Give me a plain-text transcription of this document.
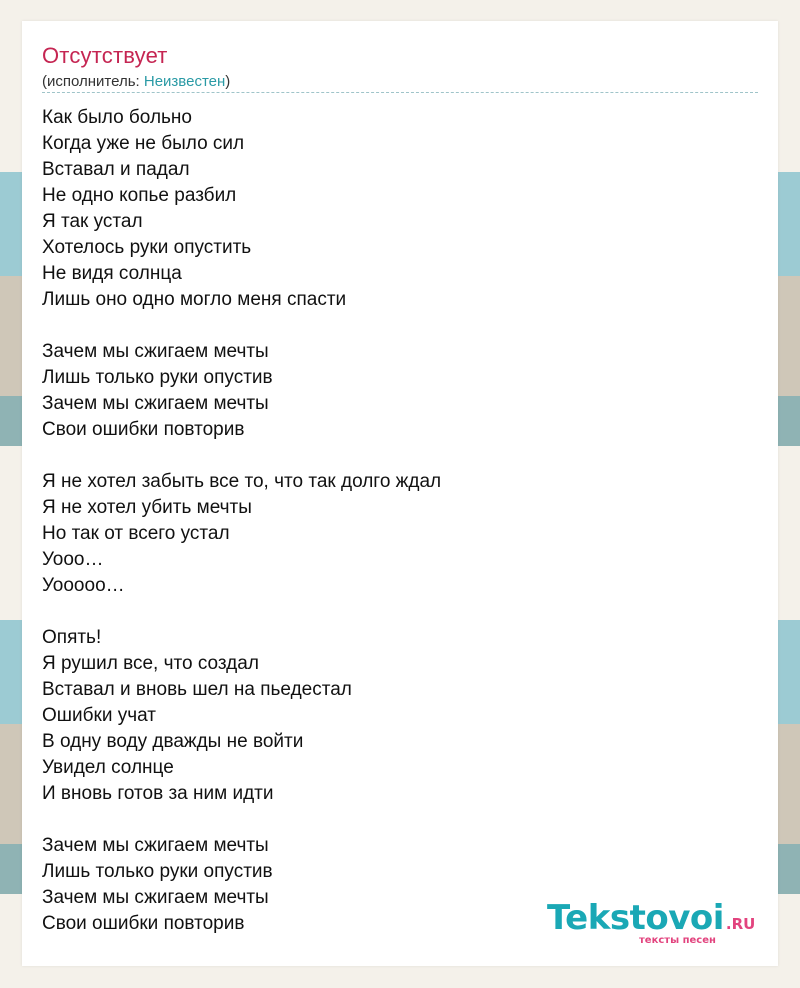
Отсутствует
(исполнитель: Неизвестен)
Как было больно
Когда уже не было сил
Вставал и падал
Не одно копье разбил
Я так устал
Хотелось руки опустить
Не видя солнца
Лишь оно одно могло меня спасти
Зачем мы сжигаем мечты
Лишь только руки опустив
Зачем мы сжигаем мечты
Свои ошибки повторив
Я не хотел забыть все то, что так долго ждал
Я не хотел убить мечты
Но так от всего устал
Уооо…
Уооооо…
Опять!
Я рушил все, что создал
Вставал и вновь шел на пьедестал
Ошибки учат
В одну воду дважды не войти
Увидел солнце
И вновь готов за ним идти
Зачем мы сжигаем мечты
Лишь только руки опустив
Зачем мы сжигаем мечты
Свои ошибки повторив	Tekstovoi .RU
тексты песен
